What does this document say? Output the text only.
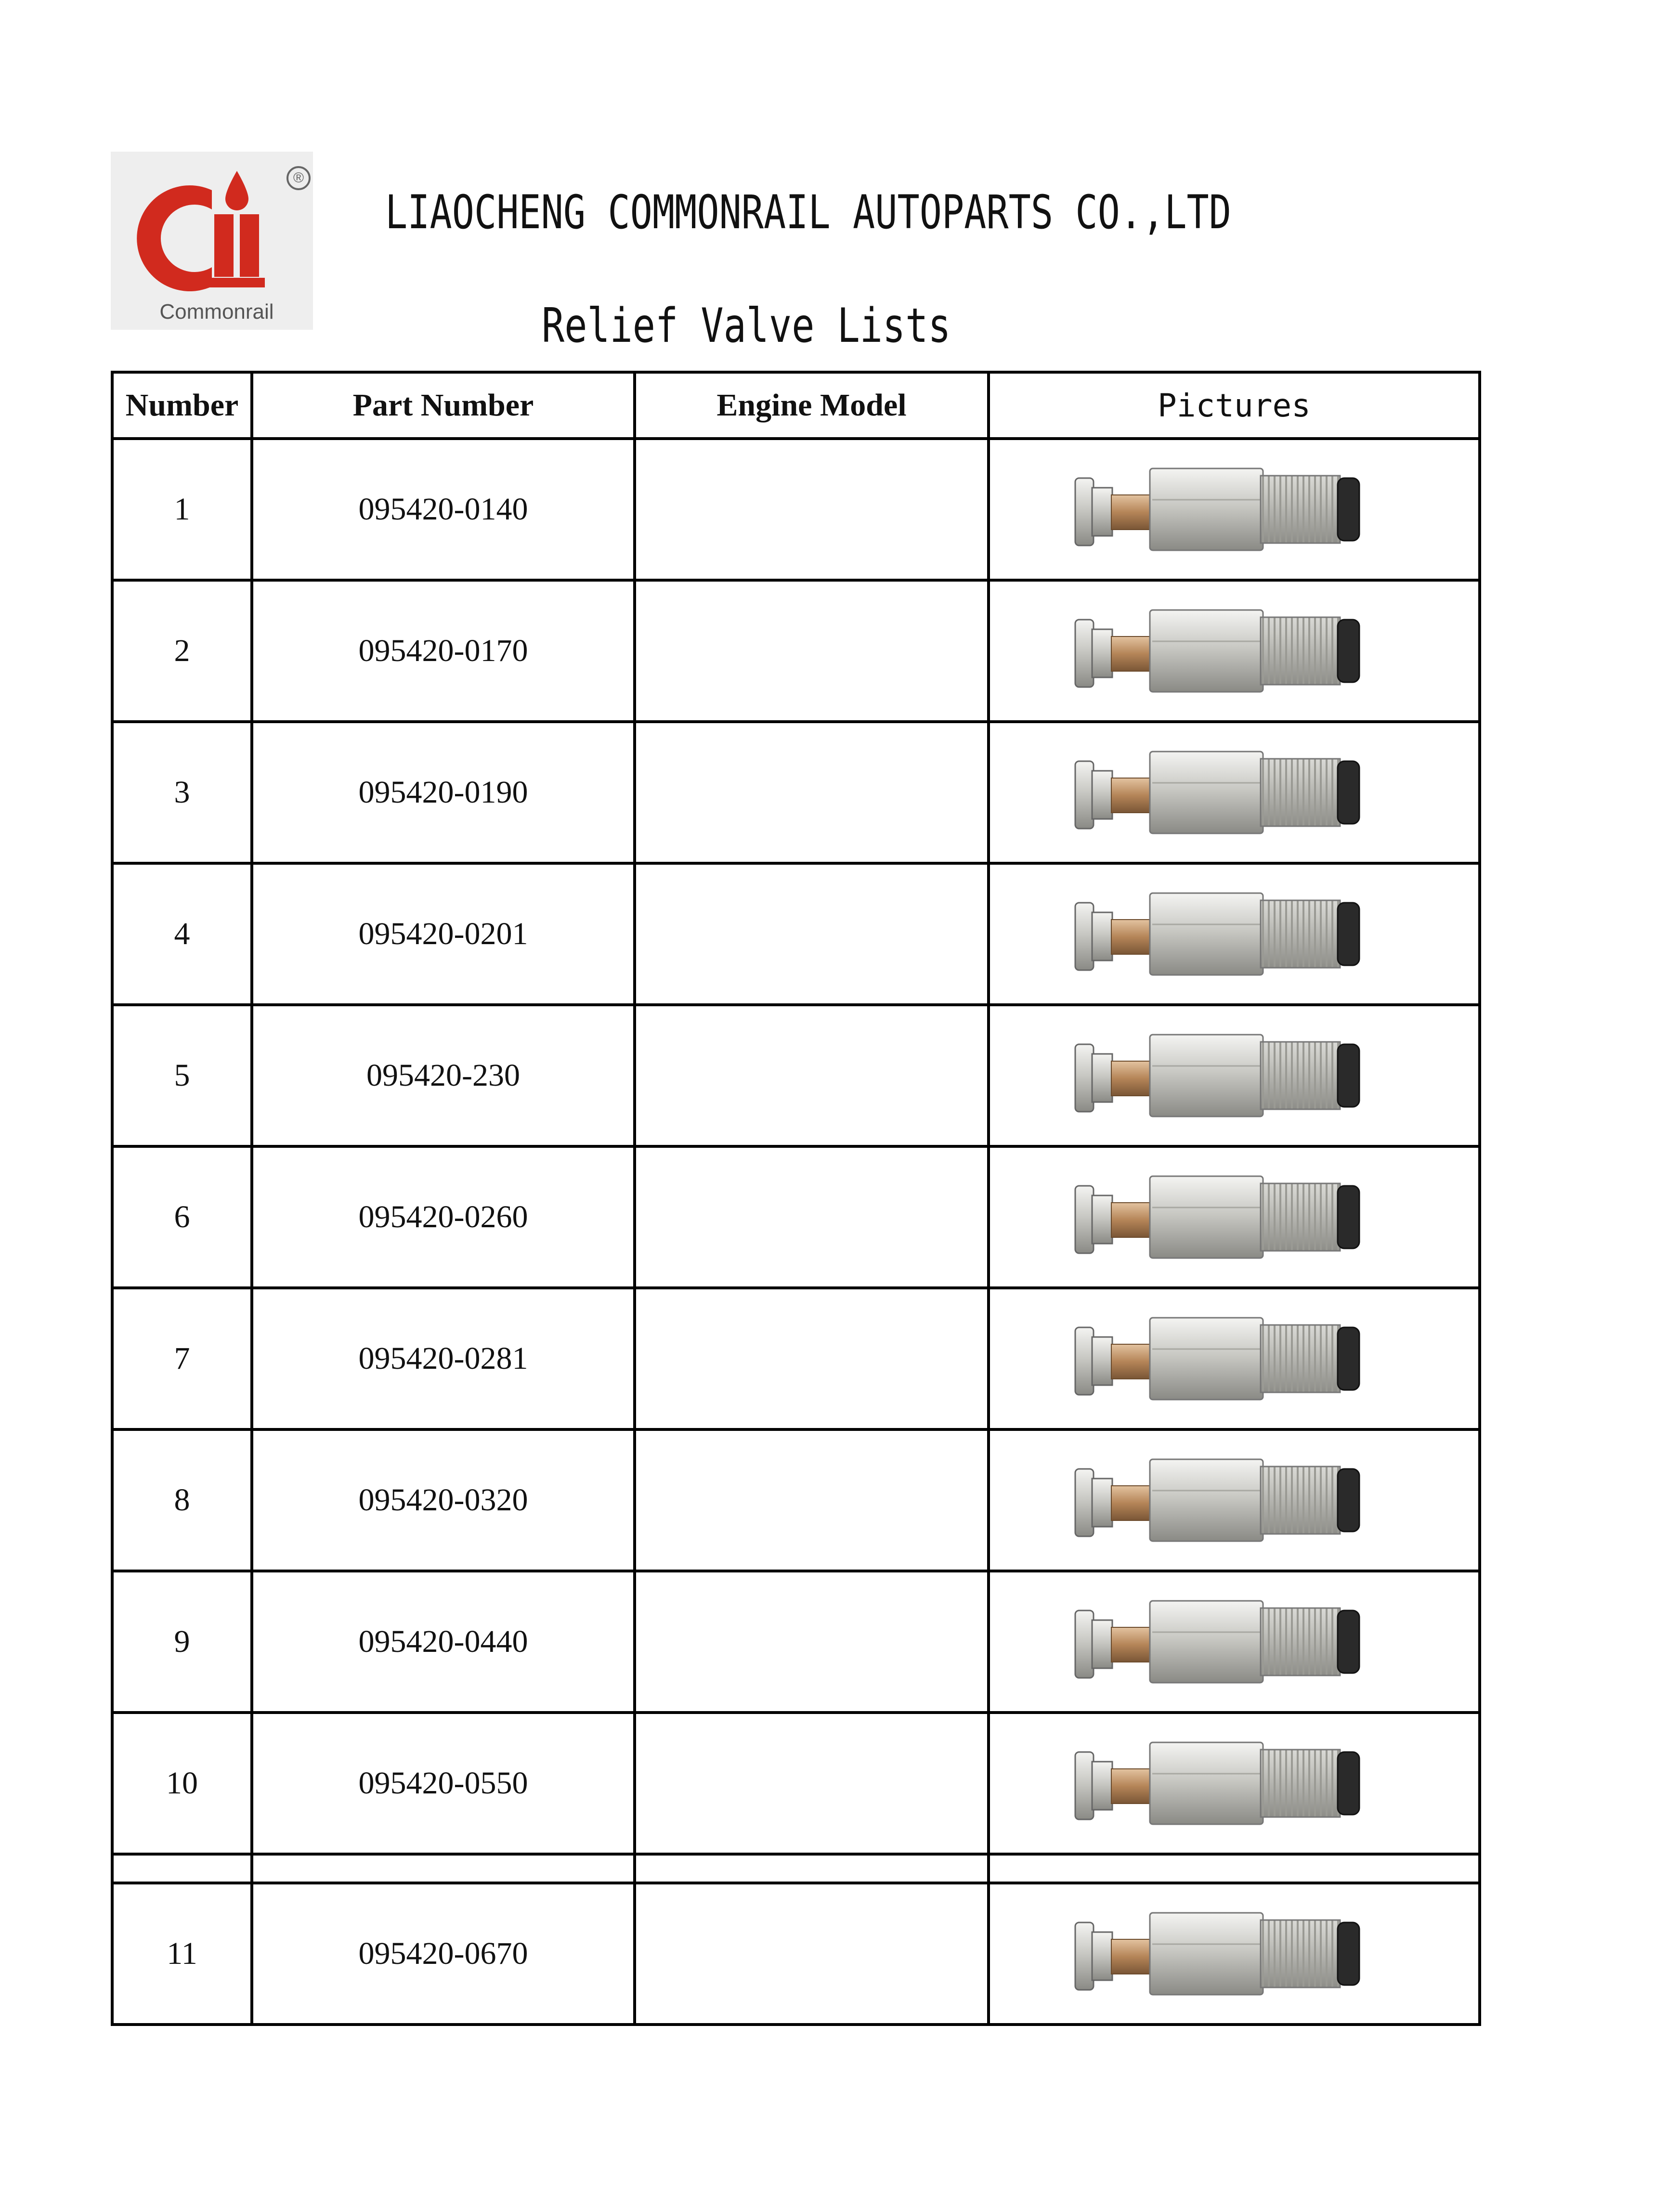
®
Commonrail
LIAOCHENG COMMONRAIL AUTOPARTS CO.,LTD
Relief Valve Lists
Number	Part Number	Engine Model	Pictures
1	095420-0140		

2	095420-0170		

3	095420-0190		

4	095420-0201		

5	095420-230		

6	095420-0260		

7	095420-0281		

8	095420-0320		

9	095420-0440		

10	095420-0550		

11	095420-0670		
